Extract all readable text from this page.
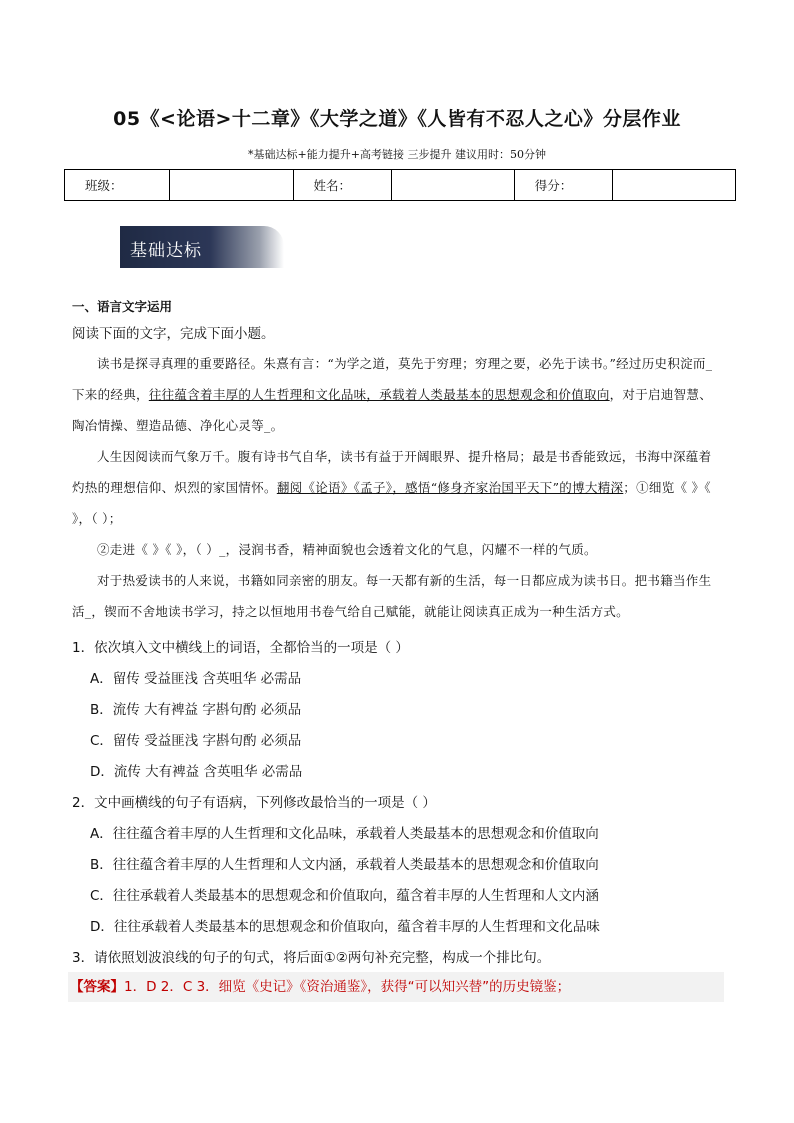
05《<论语>十二章》《大学之道》《人皆有不忍人之心》分层作业
*基础达标+能力提升+高考链接 三步提升 建议用时：50分钟
班级：		姓名：		得分：	
基础达标
一、语言文字运用
阅读下面的文字，完成下面小题。

读书是探寻真理的重要路径。朱熹有言：“为学之道，莫先于穷理；穷理之要，必先于读书。”经过历史积淀而_下来的经典，往往蕴含着丰厚的人生哲理和文化品味，承载着人类最基本的思想观念和价值取向，对于启迪智慧、陶冶情操、塑造品德、净化心灵等_。

人生因阅读而气象万千。腹有诗书气自华，读书有益于开阔眼界、提升格局；最是书香能致远，书海中深蕴着灼热的理想信仰、炽烈的家国情怀。翻阅《论语》《孟子》，感悟“修身齐家治国平天下”的博大精深；①细览《 》《 》，（ ）；

②走进《 》《 》，（ ）_，浸润书香，精神面貌也会透着文化的气息，闪耀不一样的气质。

对于热爱读书的人来说，书籍如同亲密的朋友。每一天都有新的生活，每一日都应成为读书日。把书籍当作生活_，锲而不舍地读书学习，持之以恒地用书卷气给自己赋能，就能让阅读真正成为一种生活方式。

1．依次填入文中横线上的词语，全都恰当的一项是（ ）
A．留传 受益匪浅 含英咀华 必需品
B．流传 大有裨益 字斟句酌 必须品
C．留传 受益匪浅 字斟句酌 必须品
D．流传 大有裨益 含英咀华 必需品
2．文中画横线的句子有语病，下列修改最恰当的一项是（ ）
A．往往蕴含着丰厚的人生哲理和文化品味，承载着人类最基本的思想观念和价值取向
B．往往蕴含着丰厚的人生哲理和人文内涵，承载着人类最基本的思想观念和价值取向
C．往往承载着人类最基本的思想观念和价值取向，蕴含着丰厚的人生哲理和人文内涵
D．往往承载着人类最基本的思想观念和价值取向，蕴含着丰厚的人生哲理和文化品味
3．请依照划波浪线的句子的句式，将后面①②两句补充完整，构成一个排比句。
【答案】1．D 2．C 3．细览《史记》《资治通鉴》，获得“可以知兴替”的历史镜鉴；
